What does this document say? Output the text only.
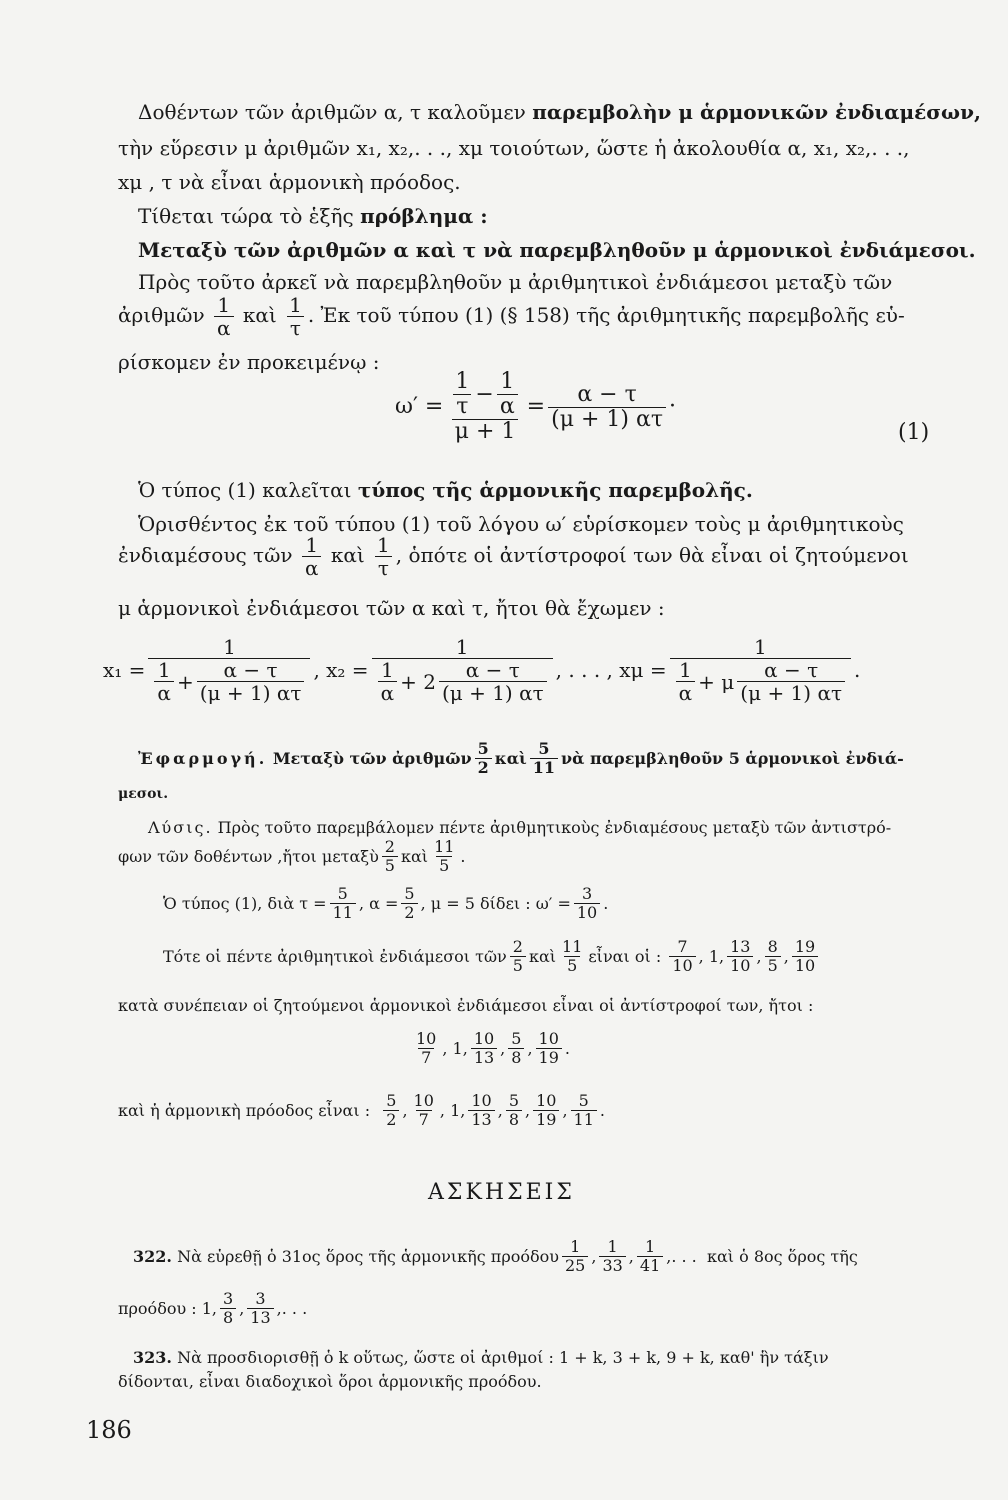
Δοθέντων τῶν ἀριθμῶν α, τ καλοῦμεν παρεμβολὴν μ ἁρμονικῶν ἐνδιαμέσων,
τὴν εὕρεσιν μ ἀριθμῶν x₁, x₂,. . ., xμ τοιούτων, ὥστε ἡ ἀκολουθία α, x₁, x₂,. . .,
xμ , τ νὰ εἶναι ἁρμονικὴ πρόοδος.
Τίθεται τώρα τὸ ἑξῆς πρόβλημα :
Μεταξὺ τῶν ἀριθμῶν α καὶ τ νὰ παρεμβληθοῦν μ ἁρμονικοὶ ἐνδιάμεσοι.
Πρὸς τοῦτο ἀρκεῖ νὰ παρεμβληθοῦν μ ἀριθμητικοὶ ἐνδιάμεσοι μεταξὺ τῶν
ἀριθμῶν $\frac{1}{\alpha}$ καὶ $\frac{1}{\tau}$ . Ἐκ τοῦ τύπου (1) (§ 158) τῆς ἀριθμητικῆς παρεμβολῆς εὑ-
ρίσκομεν ἐν προκειμένῳ :
$\omega' = \frac{\frac{1}{\tau} - \frac{1}{\alpha}}{\mu + 1} = \frac{\alpha - \tau}{(\mu + 1) \alpha\tau}$ ·
(1)
Ὁ τύπος (1) καλεῖται τύπος τῆς ἁρμονικῆς παρεμβολῆς.
Ὁρισθέντος ἐκ τοῦ τύπου (1) τοῦ λόγου ω′ εὑρίσκομεν τοὺς μ ἀριθμητικοὺς
ἐνδιαμέσους τῶν $\frac{1}{\alpha}$ καὶ $\frac{1}{\tau}$ , ὁπότε οἱ ἀντίστροφοί των θὰ εἶναι οἱ ζητούμενοι
μ ἁρμονικοὶ ἐνδιάμεσοι τῶν α καὶ τ, ἤτοι θὰ ἔχωμεν :
$x_1 = \frac{1}{\frac{1}{\alpha} + \frac{\alpha - \tau}{(\mu + 1) \alpha\tau}}$ , $x_2 = \frac{1}{\frac{1}{\alpha} + 2 \frac{\alpha - \tau}{(\mu + 1) \alpha\tau}}$ , . . . , $x\mu = \frac{1}{\frac{1}{\alpha} + \mu \frac{\alpha - \tau}{(\mu + 1) \alpha\tau}}$ .
Ἐφαρμογή.
Μεταξὺ τῶν ἀριθμῶν $\frac{5}{2}$ καὶ $\frac{5}{11}$ νὰ παρεμβληθοῦν 5 ἁρμονικοὶ ἐνδιά-
μεσοι.
Λύσις. Πρὸς τοῦτο παρεμβάλομεν πέντε ἀριθμητικοὺς ἐνδιαμέσους μεταξὺ τῶν ἀντιστρό-
φων τῶν δοθέντων ,ἤτοι μεταξὺ $\frac{2}{5}$ καὶ $\frac{11}{5}$ .
Ὁ τύπος (1), διὰ $\tau = \frac{5}{11}$ , $\alpha = \frac{5}{2}$ , μ = 5 δίδει : $\omega' = \frac{3}{10}$ .
Τότε οἱ πέντε ἀριθμητικοὶ ἐνδιάμεσοι τῶν $\frac{2}{5}$ καὶ $\frac{11}{5}$ εἶναι οἱ :
$\frac{7}{10}$ , 1, $\frac{13}{10}$ , $\frac{8}{5}$ , $\frac{19}{10}$
κατὰ συνέπειαν οἱ ζητούμενοι ἁρμονικοὶ ἐνδιάμεσοι εἶναι οἱ ἀντίστροφοί των, ἤτοι :
$\frac{10}{7}$ , 1, $\frac{10}{13}$ , $\frac{5}{8}$ , $\frac{10}{19}$ .
καὶ ἡ ἁρμονικὴ πρόοδος εἶναι :
$\frac{5}{2}$ , $\frac{10}{7}$ , 1, $\frac{10}{13}$ , $\frac{5}{8}$ , $\frac{10}{19}$ , $\frac{5}{11}$ .
ΑΣΚΗΣΕΙΣ
322.
Νὰ εὑρεθῇ ὁ 31ος ὅρος τῆς ἁρμονικῆς προόδου $\frac{1}{25}$ , $\frac{1}{33}$ , $\frac{1}{41}$ ,. . . καὶ ὁ 8ος ὅρος τῆς
προόδου :
1, $\frac{3}{8}$ , $\frac{3}{13}$ ,. . .
323. Νὰ προσδιορισθῇ ὁ k οὕτως, ὥστε οἱ ἀριθμοί : 1 + k, 3 + k, 9 + k, καθ' ἣν τάξιν
δίδονται, εἶναι διαδοχικοὶ ὅροι ἁρμονικῆς προόδου.
186
